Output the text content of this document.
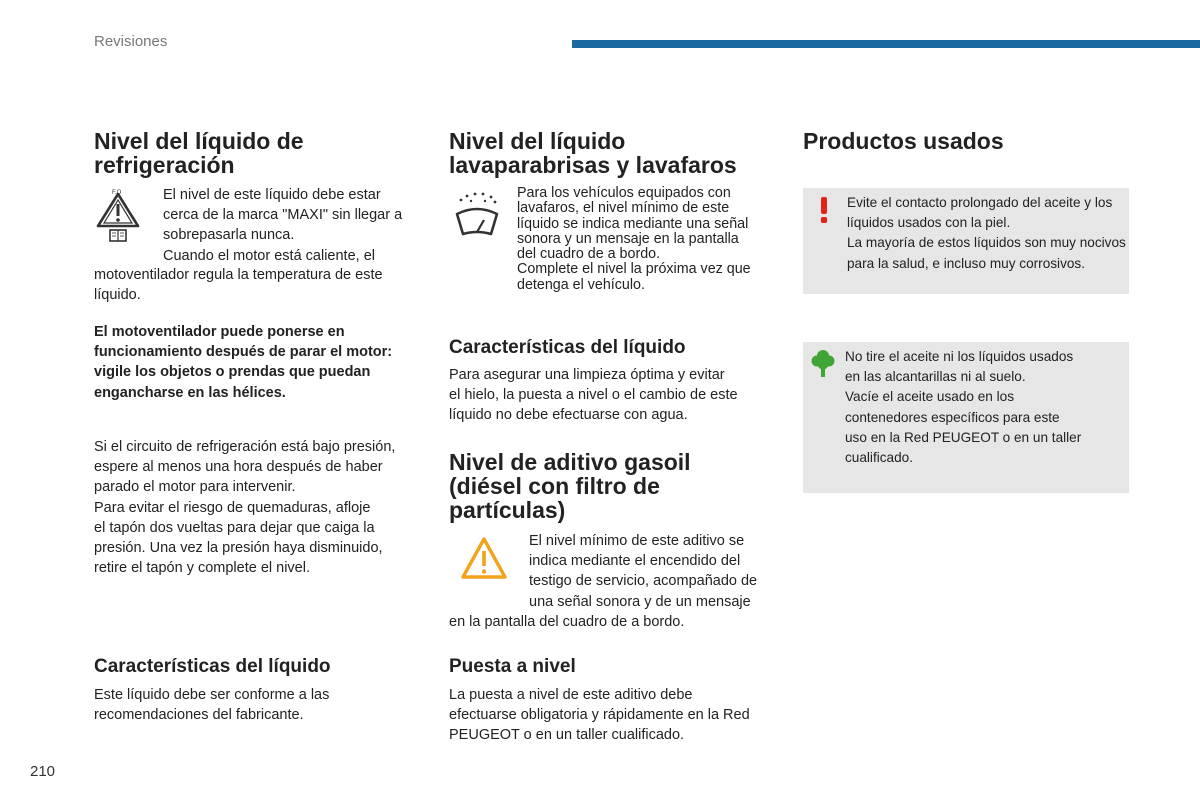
Revisiones
Nivel del líquido de
refrigeración
F.O	El nivel de este líquido debe estar

cerca de la marca "MAXI" sin llegar a

sobrepasarla nunca.

Cuando el motor está caliente, el

motoventilador regula la temperatura de este

líquido.

El motoventilador puede ponerse en

funcionamiento después de parar el motor:

vigile los objetos o prendas que puedan

engancharse en las hélices.

Si el circuito de refrigeración está bajo presión,

espere al menos una hora después de haber

parado el motor para intervenir.

Para evitar el riesgo de quemaduras, afloje

el tapón dos vueltas para dejar que caiga la

presión. Una vez la presión haya disminuido,

retire el tapón y complete el nivel.

Características del líquido

Este líquido debe ser conforme a las

recomendaciones del fabricante.

Nivel del líquido
lavaparabrisas y lavafaros

Para los vehículos equipados con

lavafaros, el nivel mínimo de este

líquido se indica mediante una señal

sonora y un mensaje en la pantalla

del cuadro de a bordo.

Complete el nivel la próxima vez que

detenga el vehículo.

Características del líquido

Para asegurar una limpieza óptima y evitar

el hielo, la puesta a nivel o el cambio de este

líquido no debe efectuarse con agua.

Nivel de aditivo gasoil
(diésel con filtro de
partículas)

El nivel mínimo de este aditivo se

indica mediante el encendido del

testigo de servicio, acompañado de

una señal sonora y de un mensaje

en la pantalla del cuadro de a bordo.

Puesta a nivel

La puesta a nivel de este aditivo debe

efectuarse obligatoria y rápidamente en la Red

PEUGEOT o en un taller cualificado.

Productos usados

Evite el contacto prolongado del aceite y los

líquidos usados con la piel.

La mayoría de estos líquidos son muy nocivos

para la salud, e incluso muy corrosivos.

No tire el aceite ni los líquidos usados

en las alcantarillas ni al suelo.

Vacíe el aceite usado en los

contenedores específicos para este

uso en la Red PEUGEOT o en un taller

cualificado.

210
